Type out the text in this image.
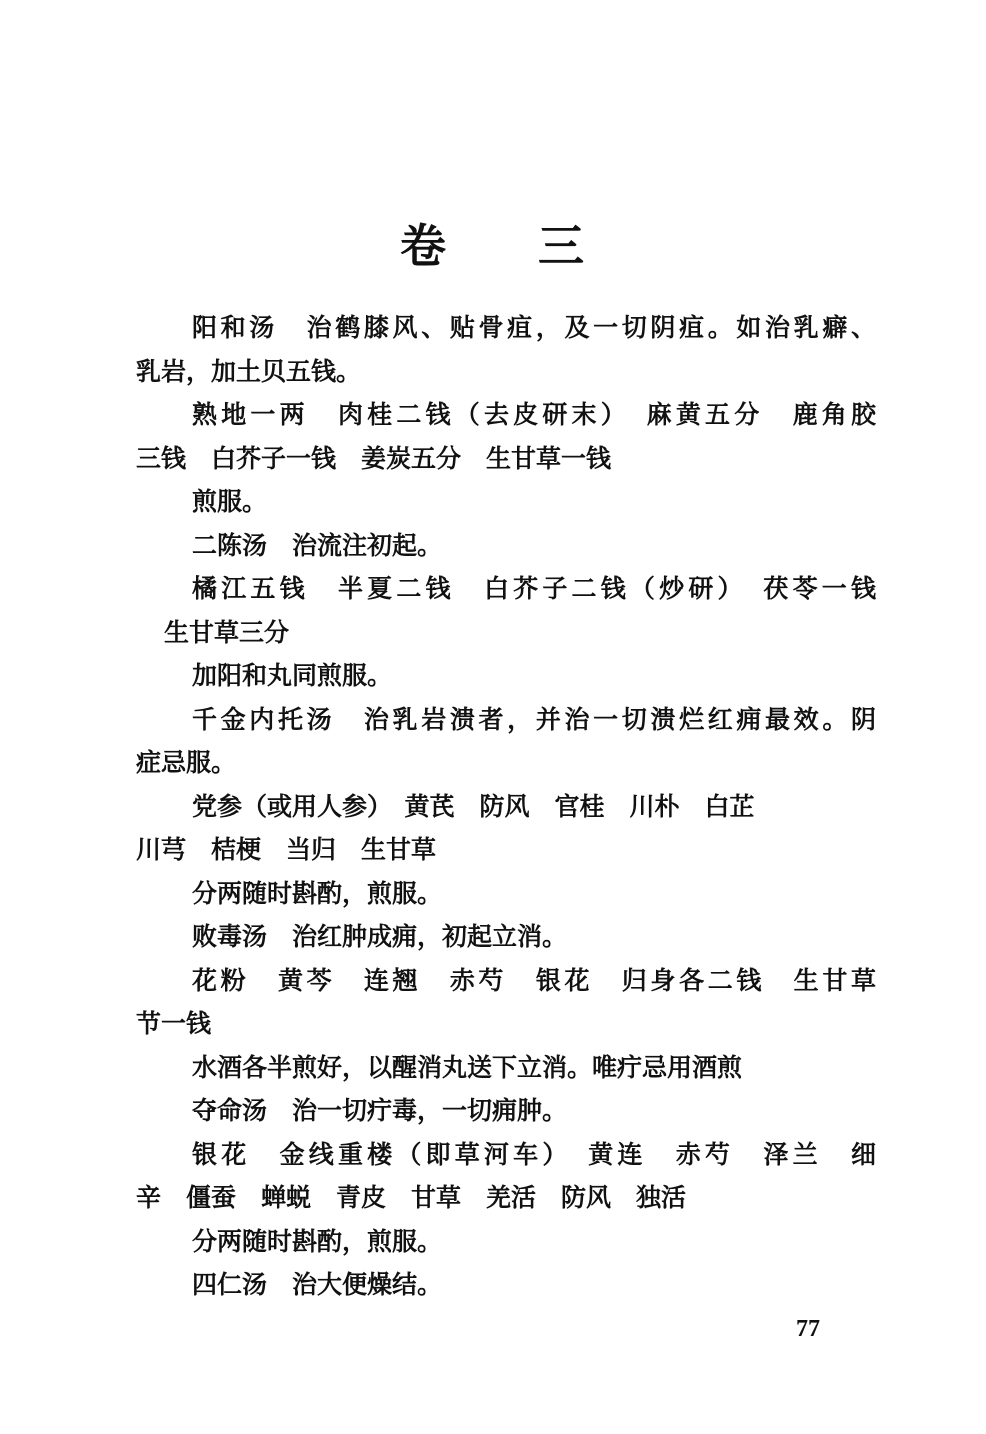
卷 三
阳和汤　治鹤膝风、贴骨疽，及一切阴疽。如治乳癖、
乳岩，加土贝五钱。
熟地一两　肉桂二钱（去皮研末）　麻黄五分　鹿角胶
三钱　白芥子一钱　姜炭五分　生甘草一钱
煎服。
二陈汤　治流注初起。
橘江五钱　半夏二钱　白芥子二钱（炒研）　茯苓一钱
生甘草三分
加阳和丸同煎服。
千金内托汤　治乳岩溃者，并治一切溃烂红痈最效。阴
症忌服。
党参（或用人参）　黄芪　防风　官桂　川朴　白芷
川芎　桔梗　当归　生甘草
分两随时斟酌，煎服。
败毒汤　治红肿成痈，初起立消。
花粉　黄芩　连翘　赤芍　银花　归身各二钱　生甘草
节一钱
水酒各半煎好，以醒消丸送下立消。唯疔忌用酒煎
夺命汤　治一切疔毒，一切痈肿。
银花　金线重楼（即草河车）　黄连　赤芍　泽兰　细
辛　僵蚕　蝉蜕　青皮　甘草　羌活　防风　独活
分两随时斟酌，煎服。
四仁汤　治大便燥结。
77
